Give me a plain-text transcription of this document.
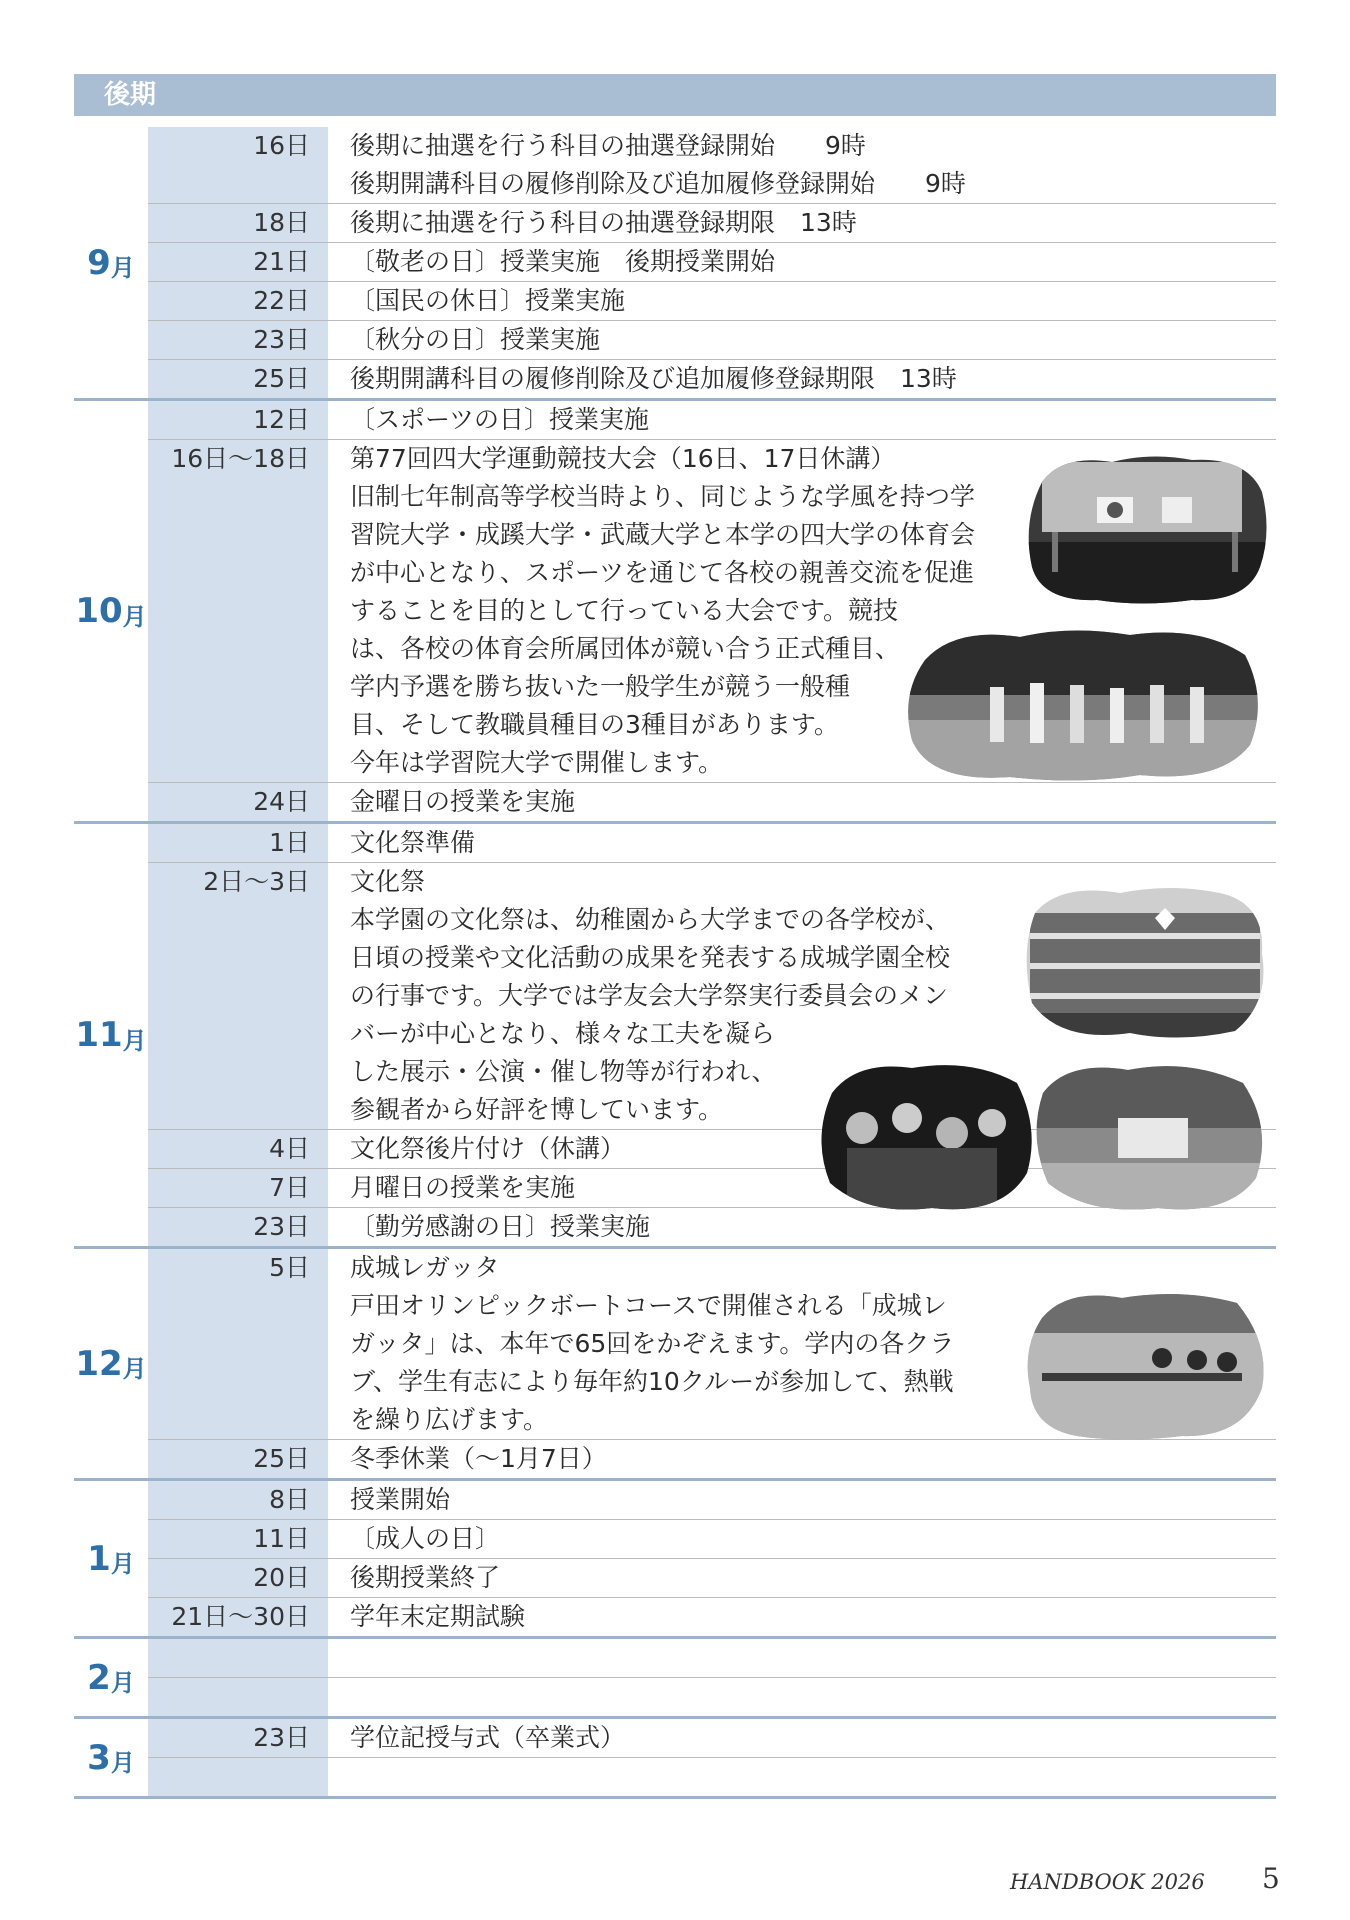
後期
9 月
16日	後期に抽選を行う科目の抽選登録開始　　9時
後期開講科目の履修削除及び追加履修登録開始　　9時
18日	後期に抽選を行う科目の抽選登録期限　13時
21日	〔敬老の日〕授業実施　後期授業開始
22日	〔国民の休日〕授業実施
23日	〔秋分の日〕授業実施
25日	後期開講科目の履修削除及び追加履修登録期限　13時
10 月
12日	〔スポーツの日〕授業実施
16日～18日	第77回四大学運動競技大会（16日、17日休講）
旧制七年制高等学校当時より、同じような学風を持つ学
習院大学・成蹊大学・武蔵大学と本学の四大学の体育会
が中心となり、スポーツを通じて各校の親善交流を促進
することを目的として行っている大会です。競技
は、各校の体育会所属団体が競い合う正式種目、
学内予選を勝ち抜いた一般学生が競う一般種
目、そして教職員種目の3種目があります。
今年は学習院大学で開催します。
24日	金曜日の授業を実施
11 月
1日	文化祭準備
2日～3日	文化祭
本学園の文化祭は、幼稚園から大学までの各学校が、
日頃の授業や文化活動の成果を発表する成城学園全校
の行事です。大学では学友会大学祭実行委員会のメン
バーが中心となり、様々な工夫を凝ら
した展示・公演・催し物等が行われ、
参観者から好評を博しています。
4日	文化祭後片付け（休講）
7日	月曜日の授業を実施
23日	〔勤労感謝の日〕授業実施
12 月
5日	成城レガッタ
戸田オリンピックボートコースで開催される「成城レ
ガッタ」は、本年で65回をかぞえます。学内の各クラ
ブ、学生有志により毎年約10クルーが参加して、熱戦
を繰り広げます。
25日	冬季休業（～1月7日）
1 月
8日	授業開始
11日	〔成人の日〕
20日	後期授業終了
21日～30日	学年末定期試験
2 月
3 月
23日	学位記授与式（卒業式）
HANDBOOK 2026 5
